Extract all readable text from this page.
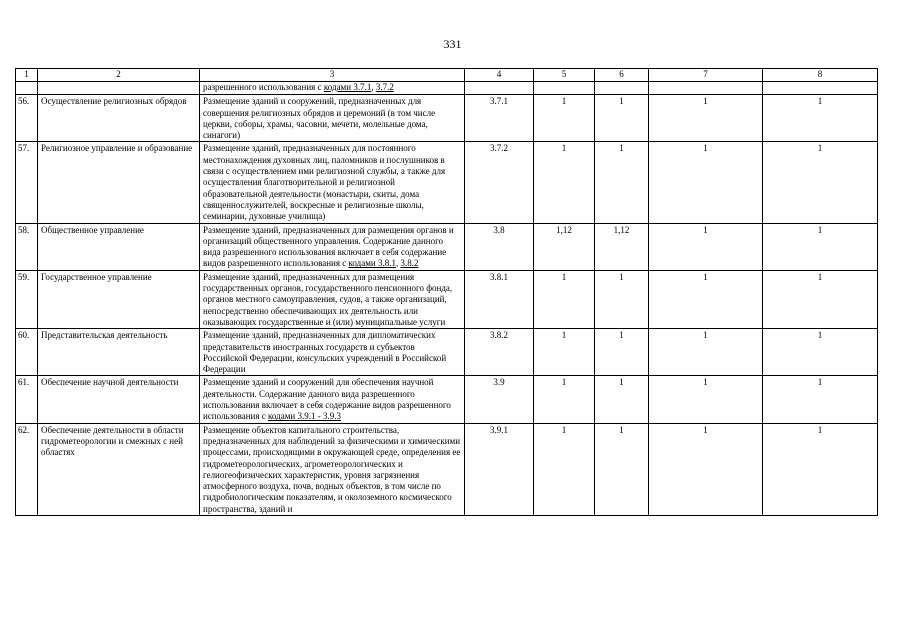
331
1	2	3	4	5	6	7	8
		разрешенного использования с кодами 3.7.1, 3.7.2					
56.	Осуществление религиозных обрядов	Размещение зданий и сооружений, предназначенных для совершения религиозных обрядов и церемоний (в том числе церкви, соборы, храмы, часовни, мечети, молельные дома, синагоги)	3.7.1	1	1	1	1
57.	Религиозное управление и образование	Размещение зданий, предназначенных для постоянного местонахождения духовных лиц, паломников и послушников в связи с осуществлением ими религиозной службы, а также для осуществления благотворительной и религиозной образовательной деятельности (монастыри, скиты, дома священнослужителей, воскресные и религиозные школы, семинарии, духовные училища)	3.7.2	1	1	1	1
58.	Общественное управление	Размещение зданий, предназначенных для размещения органов и организаций общественного управления. Содержание данного вида разрешенного использования включает в себя содержание видов разрешенного использования с кодами 3.8.1, 3.8.2	3.8	1,12	1,12	1	1
59.	Государственное управление	Размещение зданий, предназначенных для размещения государственных органов, государственного пенсионного фонда, органов местного самоуправления, судов, а также организаций, непосредственно обеспечивающих их деятельность или оказывающих государственные и (или) муниципальные услуги	3.8.1	1	1	1	1
60.	Представительская деятельность	Размещение зданий, предназначенных для дипломатических представительств иностранных государств и субъектов Российской Федерации, консульских учреждений в Российской Федерации	3.8.2	1	1	1	1
61.	Обеспечение научной деятельности	Размещение зданий и сооружений для обеспечения научной деятельности. Содержание данного вида разрешенного использования включает в себя содержание видов разрешенного использования с кодами 3.9.1 - 3.9.3	3.9	1	1	1	1
62.	Обеспечение деятельности в области гидрометеорологии и смежных с ней областях	Размещение объектов капитального строительства, предназначенных для наблюдений за физическими и химическими процессами, происходящими в окружающей среде, определения ее гидрометеорологических, агрометеорологических и гелиогеофизических характеристик, уровня загрязнения атмосферного воздуха, почв, водных объектов, в том числе по гидробиологическим показателям, и околоземного космического пространства, зданий и	3.9.1	1	1	1	1
